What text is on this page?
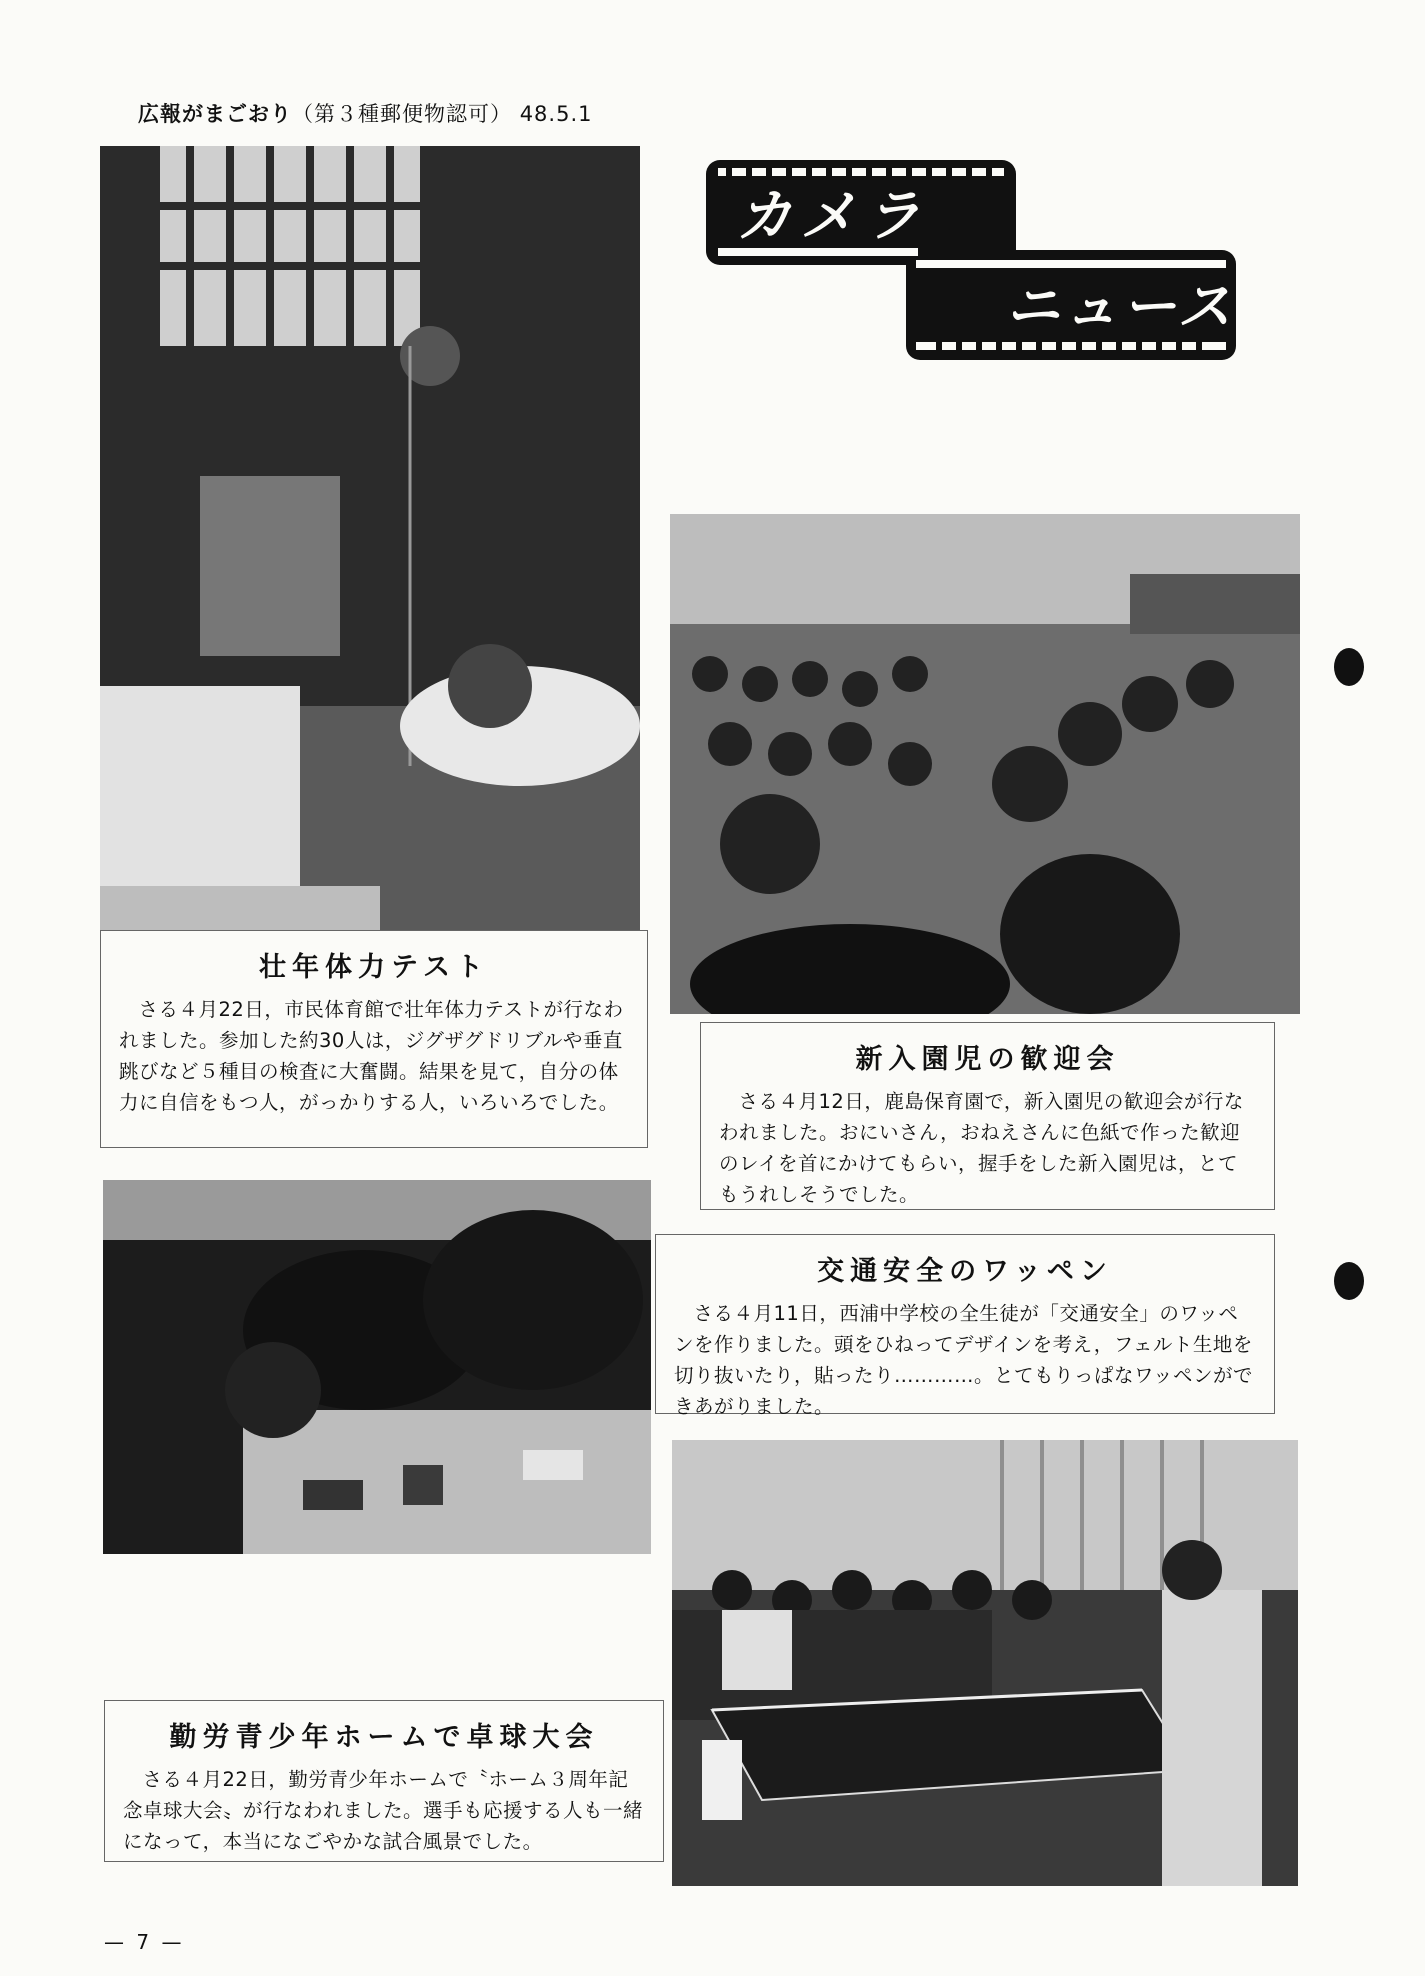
広報がまごおり（第３種郵便物認可） 48.5.1
カメラ
ニュース
壮年体力テスト
さる４月22日，市民体育館で壮年体力テストが行なわれました。参加した約30人は，ジグザグドリブルや垂直跳びなど５種目の検査に大奮闘。結果を見て，自分の体力に自信をもつ人，がっかりする人，いろいろでした。
新入園児の歓迎会
さる４月12日，鹿島保育園で，新入園児の歓迎会が行なわれました。おにいさん，おねえさんに色紙で作った歓迎のレイを首にかけてもらい，握手をした新入園児は，とてもうれしそうでした。
交通安全のワッペン
さる４月11日，西浦中学校の全生徒が「交通安全」のワッペンを作りました。頭をひねってデザインを考え，フェルト生地を切り抜いたり，貼ったり…………。とてもりっぱなワッペンができあがりました。
勤労青少年ホームで卓球大会
さる４月22日，勤労青少年ホームで〝ホーム３周年記念卓球大会〟が行なわれました。選手も応援する人も一緒になって，本当になごやかな試合風景でした。
— 7 —
